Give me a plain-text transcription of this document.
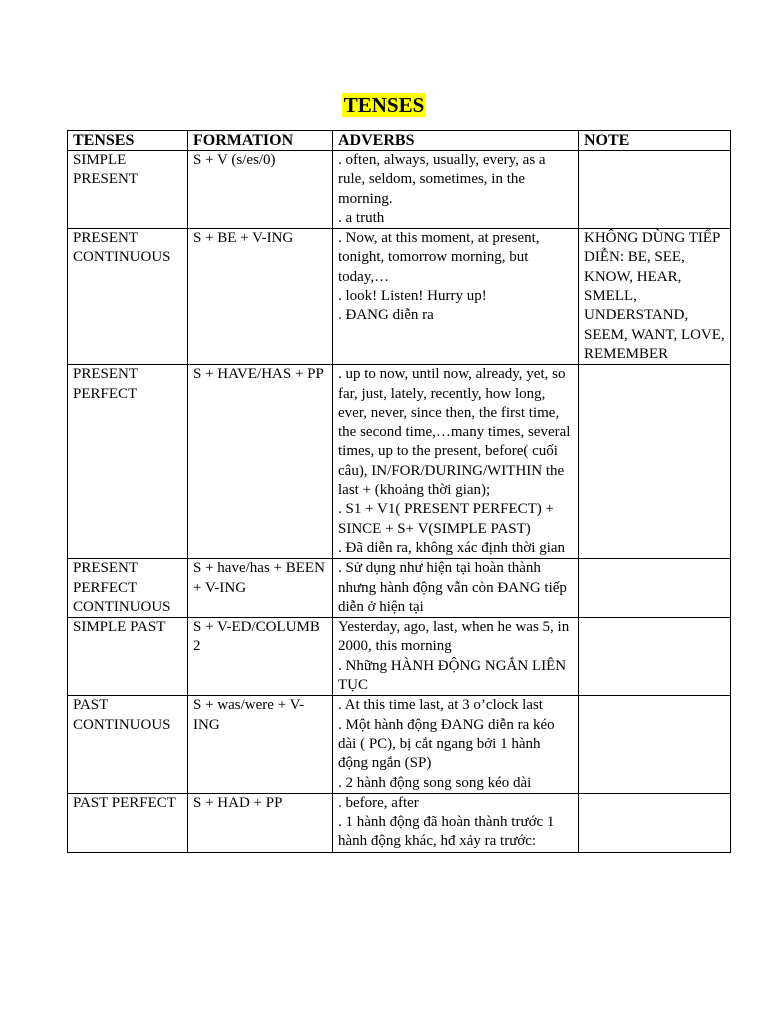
TENSES
TENSES	FORMATION	ADVERBS	NOTE
SIMPLE PRESENT	S + V (s/es/0)	. often, always, usually, every, as a rule, seldom, sometimes, in the morning.
. a truth	

PRESENT CONTINUOUS	S + BE + V-ING	. Now, at this moment, at present, tonight, tomorrow morning, but today,…
. look! Listen! Hurry up!
. ĐANG diễn ra	KHÔNG DÙNG TIẾP DIỄN: BE, SEE, KNOW, HEAR, SMELL, UNDERSTAND, SEEM, WANT, LOVE, REMEMBER

PRESENT PERFECT	S + HAVE/HAS + PP	. up to now, until now, already, yet, so far, just, lately, recently, how long, ever, never, since then, the first time, the second time,…many times, several times, up to the present, before( cuối câu), IN/FOR/DURING/WITHIN the last + (khoảng thời gian);
. S1 + V1( PRESENT PERFECT) + SINCE + S+ V(SIMPLE PAST)
. Đã diễn ra, không xác định thời gian	

PRESENT PERFECT CONTINUOUS	S + have/has + BEEN + V-ING	. Sử dụng như hiện tại hoàn thành nhưng hành động vẫn còn ĐANG tiếp diễn ở hiện tại	

SIMPLE PAST	S + V-ED/COLUMB 2	Yesterday, ago, last, when he was 5, in 2000, this morning
. Những HÀNH ĐỘNG NGẮN LIÊN TỤC	

PAST CONTINUOUS	S + was/were + V-ING	. At this time last, at 3 o’clock last
. Một hành động ĐANG diễn ra kéo dài ( PC), bị cắt ngang bởi 1 hành động ngắn (SP)
. 2 hành động song song kéo dài	

PAST PERFECT	S + HAD + PP	. before, after
. 1 hành động đã hoàn thành trước 1 hành động khác, hđ xảy ra trước:	
